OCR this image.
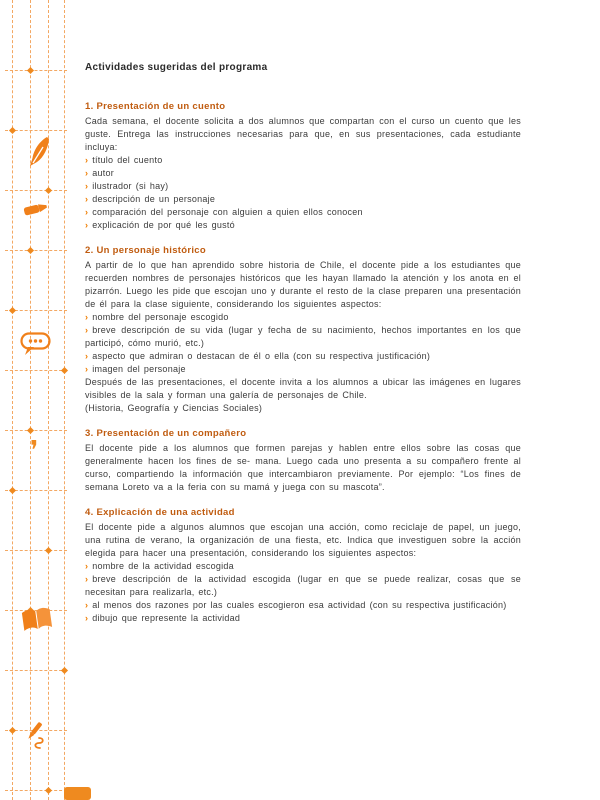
❜
Actividades sugeridas del programa
1. Presentación de un cuento

Cada semana, el docente solicita a dos alumnos que compartan con el curso un cuento que les guste. Entrega las instrucciones necesarias para que, en sus presentaciones, cada estudiante incluya:

› título del cuento
› autor
› ilustrador (si hay)
› descripción de un personaje
› comparación del personaje con alguien a quien ellos conocen
› explicación de por qué les gustó
2. Un personaje histórico

A partir de lo que han aprendido sobre historia de Chile, el docente pide a los estudiantes que recuerden nombres de personajes históricos que les hayan llamado la atención y los anota en el pizarrón. Luego les pide que escojan uno y durante el resto de la clase preparen una presentación de él para la clase siguiente, considerando los siguientes aspectos:

› nombre del personaje escogido
› breve descripción de su vida (lugar y fecha de su nacimiento, hechos importantes en los que participó, cómo murió, etc.)
› aspecto que admiran o destacan de él o ella (con su respectiva justificación)
› imagen del personaje

Después de las presentaciones, el docente invita a los alumnos a ubicar las imágenes en lugares visibles de la sala y forman una galería de personajes de Chile.

(Historia, Geografía y Ciencias Sociales)

3. Presentación de un compañero

El docente pide a los alumnos que formen parejas y hablen entre ellos sobre las cosas que generalmente hacen los fines de se- mana. Luego cada uno presenta a su compañero frente al curso, compartiendo la información que intercambiaron previamente. Por ejemplo: “Los fines de semana Loreto va a la feria con su mamá y juega con su mascota”.

4. Explicación de una actividad

El docente pide a algunos alumnos que escojan una acción, como reciclaje de papel, un juego, una rutina de verano, la organización de una fiesta, etc. Indica que investiguen sobre la acción elegida para hacer una presentación, considerando los siguientes aspectos:

› nombre de la actividad escogida
› breve descripción de la actividad escogida (lugar en que se puede realizar, cosas que se necesitan para realizarla, etc.)
› al menos dos razones por las cuales escogieron esa actividad (con su respectiva justificación)
› dibujo que represente la actividad
